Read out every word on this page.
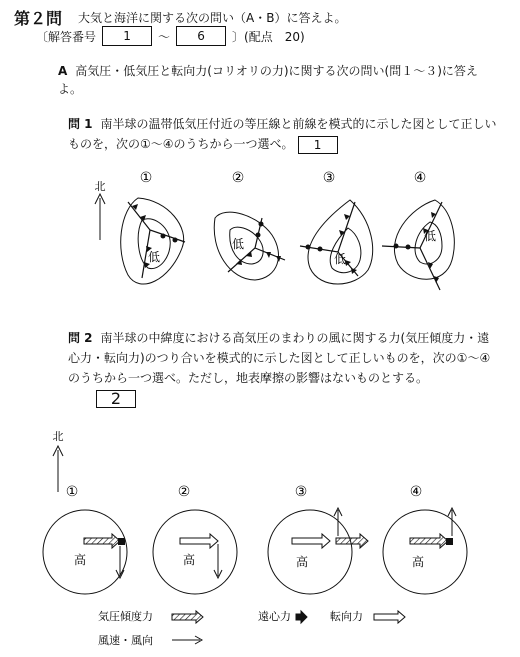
第２問 大気と海洋に関する次の問い（A・B）に答えよ。
〔解答番号	1	～	6	〕(配点　20)
A 高気圧・低気圧と転向力(コリオリの力)に関する次の問い(問１～３)に答えよ。
問 1 南半球の温帯低気圧付近の等圧線と前線を模式的に示した図として正しいものを，次の①～④のうちから一つ選べ。 1
北
①	②	③	④
低
低
低
低
問 2 南半球の中緯度における高気圧のまわりの風に関する力(気圧傾度力・遠心力・転向力)のつり合いを模式的に示した図として正しいものを，次の①～④のうちから一つ選べ。ただし，地表摩擦の影響はないものとする。
2
北
①	②	③	④
高	高	高	高
気圧傾度力	遠心力	転向力
風速・風向
